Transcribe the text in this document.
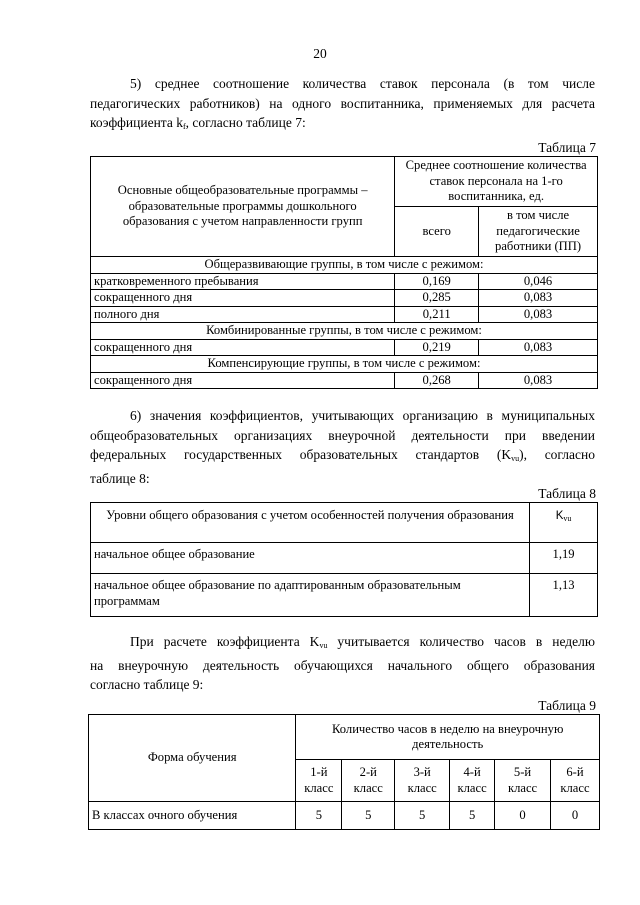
20
5) среднее соотношение количества ставок персонала (в том числе
педагогических работников) на одного воспитанника, применяемых для расчета
коэффициента $k_f$, согласно таблице 7:
Таблица 7
Основные общеобразовательные программы – образовательные программы дошкольного образования с учетом направленности групп	Среднее соотношение количества ставок персонала на 1-го воспитанника, ед.	
	всего	в том числе педагогические работники (ПП)
Общеразвивающие группы, в том числе с режимом:		
кратковременного пребывания	0,169	0,046
сокращенного дня	0,285	0,083
полного дня	0,211	0,083
Комбинированные группы, в том числе с режимом:		
сокращенного дня	0,219	0,083
Компенсирующие группы, в том числе с режимом:		
сокращенного дня	0,268	0,083
6) значения коэффициентов, учитывающих организацию в муниципальных
общеобразовательных организациях внеурочной деятельности при введении
федеральных государственных образовательных стандартов $(K_{vu})$, согласно
таблице 8:
Таблица 8
Уровни общего образования с учетом особенностей получения образования	$K_{vu}$
начальное общее образование	1,19
начальное общее образование по адаптированным образовательным программам	1,13
При расчете коэффициента $K_{vu}$ учитывается количество часов в неделю
на внеурочную деятельность обучающихся начального общего образования
согласно таблице 9:
Таблица 9
Форма обучения	Количество часов в неделю на внеурочную деятельность					
	1-й класс	2-й класс	3-й класс	4-й класс	5-й класс	6-й класс
В классах очного обучения	5	5	5	5	0	0
